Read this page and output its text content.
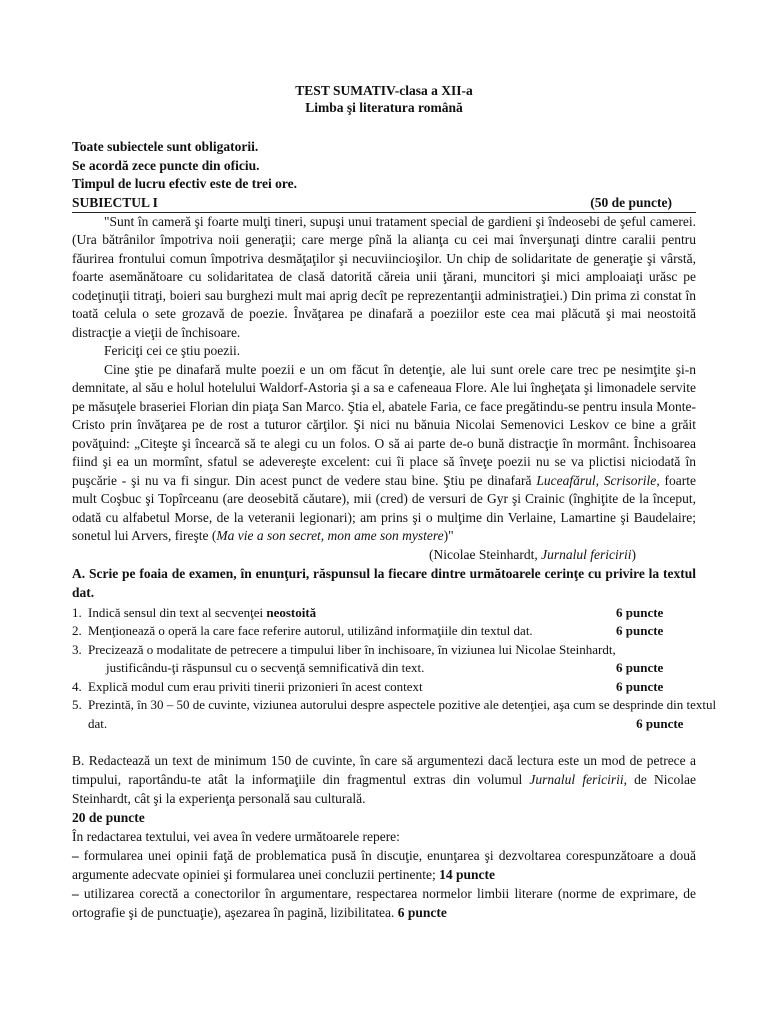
TEST SUMATIV-clasa a XII-a
Limba şi literatura română
Toate subiectele sunt obligatorii.
Se acordă zece puncte din oficiu.
Timpul de lucru efectiv este de trei ore.
SUBIECTUL I	(50 de puncte)

"Sunt în cameră şi foarte mulţi tineri, supuşi unui tratament special de gardieni şi îndeosebi de şeful camerei. (Ura bătrânilor împotriva noii generaţii; care merge pînă la alianţa cu cei mai înverşunaţi dintre caralii pentru făurirea frontului comun împotriva desmăţaţilor şi necuviincioşilor. Un chip de solidaritate de generaţie şi vârstă, foarte asemănătoare cu solidaritatea de clasă datorită căreia unii ţărani, muncitori şi mici amploaiaţi urăsc pe codeţinuţii titraţi, boieri sau burghezi mult mai aprig decît pe reprezentanţii administraţiei.) Din prima zi constat în toată celula o sete grozavă de poezie. Învăţarea pe dinafară a poeziilor este cea mai plăcută şi mai neostoită distracţie a vieţii de închisoare.

Fericiţi cei ce ştiu poezii.

Cine ştie pe dinafară multe poezii e un om făcut în detenţie, ale lui sunt orele care trec pe nesimţite şi-n demnitate, al său e holul hotelului Waldorf-Astoria şi a sa e cafeneaua Flore. Ale lui îngheţata şi limonadele servite pe măsuţele braseriei Florian din piaţa San Marco. Ştia el, abatele Faria, ce face pregătindu-se pentru insula Monte-Cristo prin învăţarea pe de rost a tuturor cărţilor. Şi nici nu bănuia Nicolai Semenovici Leskov ce bine a grăit povăţuind: „Citeşte şi încearcă să te alegi cu un folos. O să ai parte de-o bună distracţie în mormânt. Închisoarea fiind şi ea un mormînt, sfatul se adevereşte excelent: cui îi place să înveţe poezii nu se va plictisi niciodată în puşcărie - şi nu va fi singur. Din acest punct de vedere stau bine. Ştiu pe dinafară Luceafărul, Scrisorile, foarte mult Coşbuc şi Topîrceanu (are deosebită căutare), mii (cred) de versuri de Gyr şi Crainic (înghiţite de la început, odată cu alfabetul Morse, de la veteranii legionari); am prins şi o mulţime din Verlaine, Lamartine şi Baudelaire; sonetul lui Arvers, fireşte (Ma vie a son secret, mon ame son mystere)"

(Nicolae Steinhardt, Jurnalul fericirii)
A. Scrie pe foaia de examen, în enunţuri, răspunsul la fiecare dintre următoarele cerinţe cu privire la textul dat.
1. Indică sensul din text al secvenţei neostoită	6 puncte
2. Menţionează o operă la care face referire autorul, utilizând informaţiile din textul dat.	6 puncte
3. Precizează o modalitate de petrecere a timpului liber în inchisoare, în viziunea lui Nicolae Steinhardt,
justificându-ţi răspunsul cu o secvenţă semnificativă din text.	6 puncte
4. Explică modul cum erau priviti tinerii prizonieri în acest context	6 puncte
5. Prezintă, în 30 – 50 de cuvinte, viziunea autorului despre aspectele pozitive ale detenţiei, aşa cum se desprinde din textul
dat.	6 puncte

B. Redactează un text de minimum 150 de cuvinte, în care să argumentezi dacă lectura este un mod de petrece a timpului, raportându-te atât la informaţiile din fragmentul extras din volumul Jurnalul fericirii, de Nicolae Steinhardt, cât şi la experienţa personală sau culturală.

20 de puncte

În redactarea textului, vei avea în vedere următoarele repere:

– formularea unei opinii faţă de problematica pusă în discuţie, enunţarea şi dezvoltarea corespunzătoare a două argumente adecvate opiniei şi formularea unei concluzii pertinente; 14 puncte

– utilizarea corectă a conectorilor în argumentare, respectarea normelor limbii literare (norme de exprimare, de ortografie şi de punctuaţie), aşezarea în pagină, lizibilitatea. 6 puncte
